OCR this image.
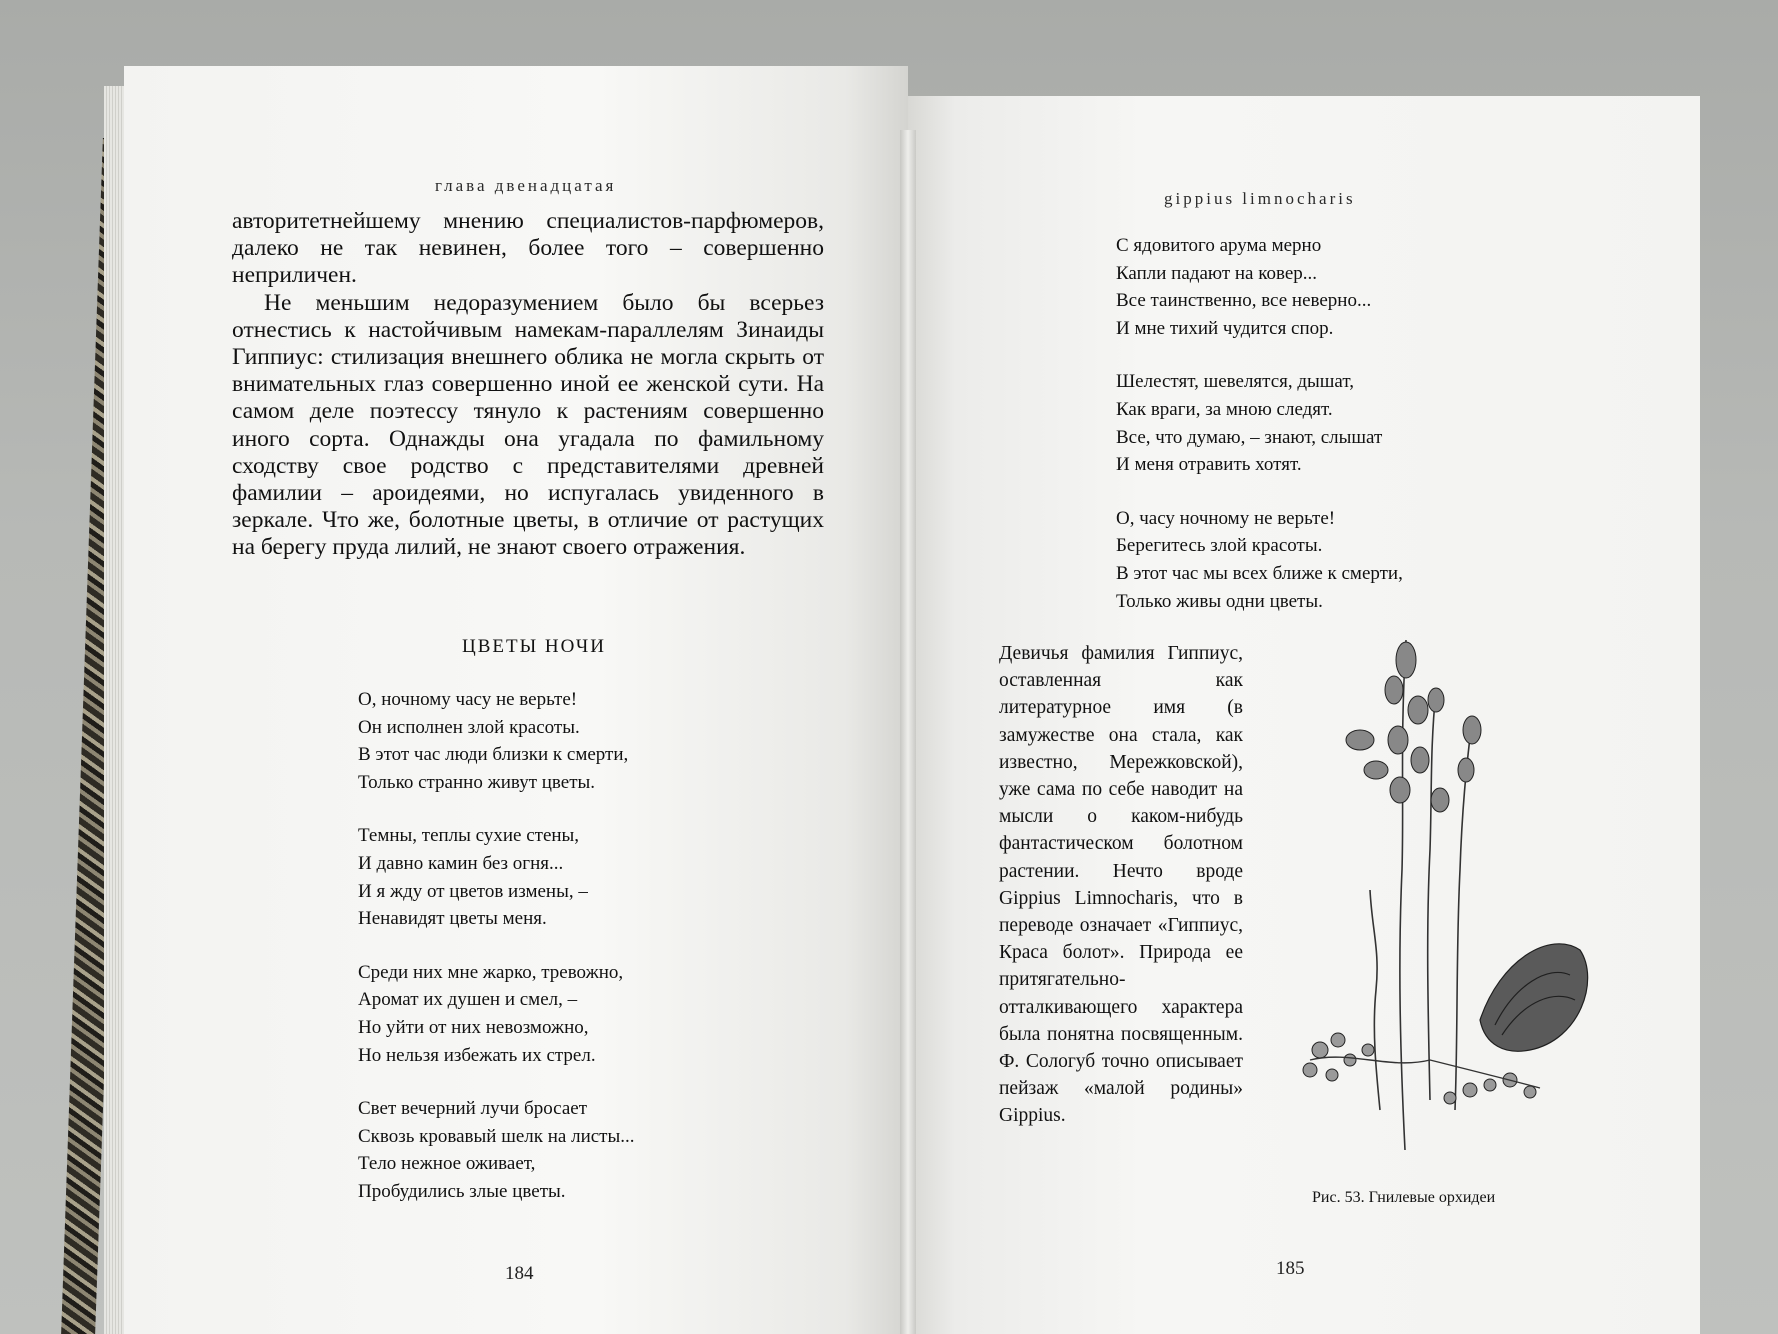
глава двенадцатая

авторитетнейшему мнению специалистов-парфюмеров, далеко не так невинен, более того – совершенно неприличен.

Не меньшим недоразумением было бы всерьез отнестись к настойчивым намекам-параллелям Зинаиды Гиппиус: стилизация внешнего облика не могла скрыть от внимательных глаз совершенно иной ее женской сути. На самом деле поэтессу тянуло к растениям совершенно иного сорта. Однажды она угадала по фамильному сходству свое родство с представителями древней фамилии – ароидеями, но испугалась увиденного в зеркале. Что же, болотные цветы, в отличие от растущих на берегу пруда лилий, не знают своего отражения.

ЦВЕТЫ НОЧИ
О, ночному часу не верьте!
Он исполнен злой красоты.
В этот час люди близки к смерти,
Только странно живут цветы.
Темны, теплы сухие стены,
И давно камин без огня...
И я жду от цветов измены, –
Ненавидят цветы меня.
Среди них мне жарко, тревожно,
Аромат их душен и смел, –
Но уйти от них невозможно,
Но нельзя избежать их стрел.
Свет вечерний лучи бросает
Сквозь кровавый шелк на листы...
Тело нежное оживает,
Пробудились злые цветы.
184
gippius limnocharis
С ядовитого арума мерно
Капли падают на ковер...
Все таинственно, все неверно...
И мне тихий чудится спор.
Шелестят, шевелятся, дышат,
Как враги, за мною следят.
Все, что думаю, – знают, слышат
И меня отравить хотят.
О, часу ночному не верьте!
Берегитесь злой красоты.
В этот час мы всех ближе к смерти,
Только живы одни цветы.
Девичья фамилия Гиппиус, оставленная как литературное имя (в замужестве она стала, как известно, Мережковской), уже сама по себе наводит на мысли о каком-нибудь фантастическом болотном растении. Нечто вроде Gippius Limnocharis, что в переводе означает «Гиппиус, Краса болот». Природа ее притягательно-отталкивающего характера была понятна посвященным. Ф. Сологуб точно описывает пейзаж «малой родины» Gippius.
Рис. 53. Гнилевые орхидеи
185
